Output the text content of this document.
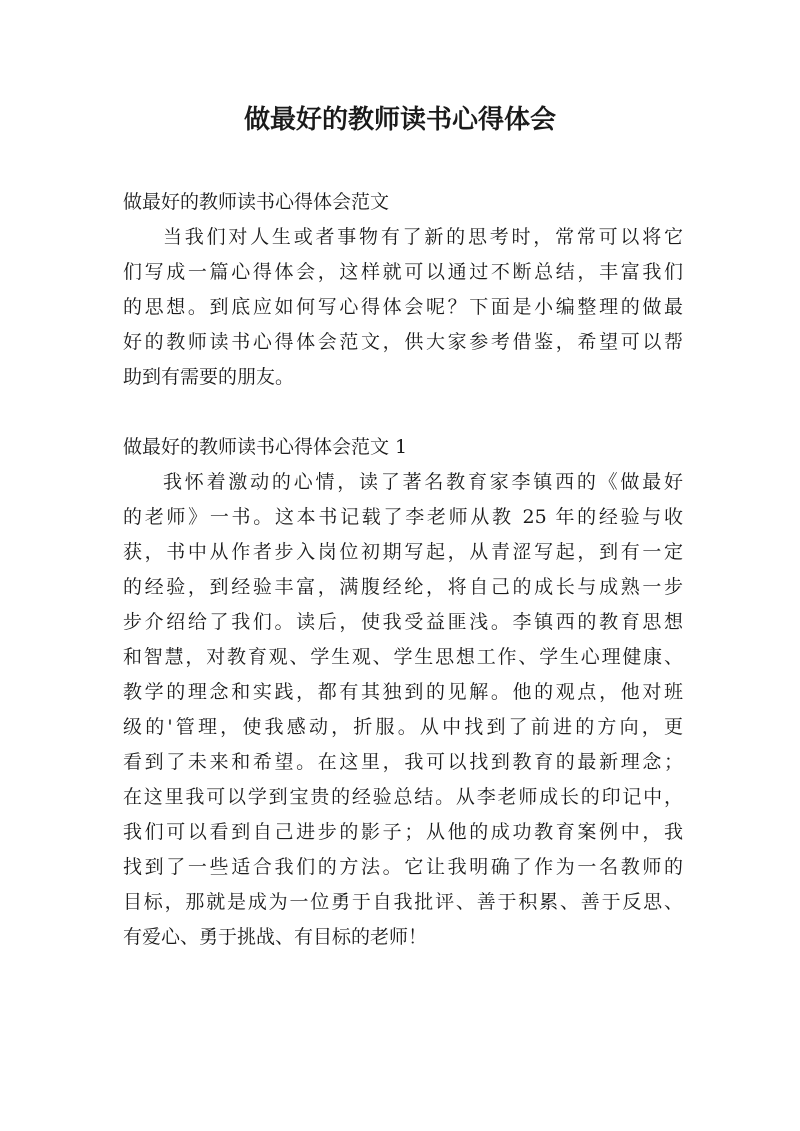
做最好的教师读书心得体会
做最好的教师读书心得体会范文
当我们对人生或者事物有了新的思考时，常常可以将它
们写成一篇心得体会，这样就可以通过不断总结，丰富我们
的思想。到底应如何写心得体会呢？下面是小编整理的做最
好的教师读书心得体会范文，供大家参考借鉴，希望可以帮
助到有需要的朋友。
做最好的教师读书心得体会范文 1
我怀着激动的心情，读了著名教育家李镇西的《做最好
的老师》一书。这本书记载了李老师从教 25 年的经验与收
获，书中从作者步入岗位初期写起，从青涩写起，到有一定
的经验，到经验丰富，满腹经纶，将自己的成长与成熟一步
步介绍给了我们。读后，使我受益匪浅。李镇西的教育思想
和智慧，对教育观、学生观、学生思想工作、学生心理健康、
教学的理念和实践，都有其独到的见解。他的观点，他对班
级的'管理，使我感动，折服。从中找到了前进的方向，更
看到了未来和希望。在这里，我可以找到教育的最新理念；
在这里我可以学到宝贵的经验总结。从李老师成长的印记中，
我们可以看到自己进步的影子；从他的成功教育案例中，我
找到了一些适合我们的方法。它让我明确了作为一名教师的
目标，那就是成为一位勇于自我批评、善于积累、善于反思、
有爱心、勇于挑战、有目标的老师！
